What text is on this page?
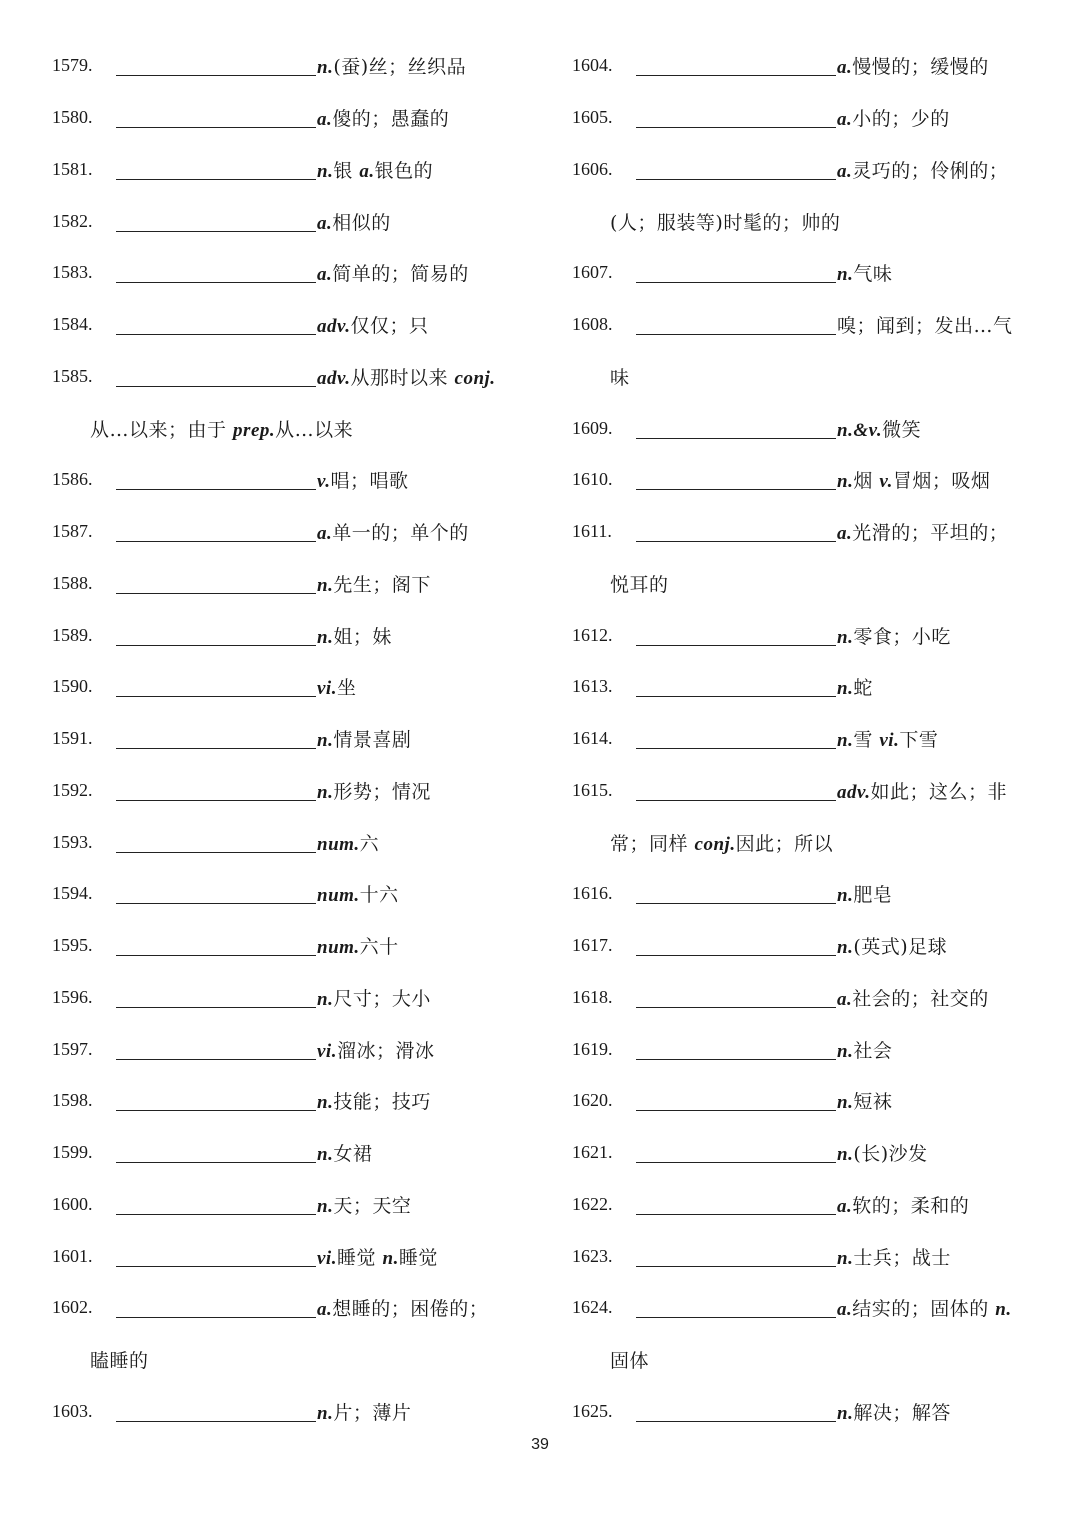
1579.	n.(蚕)丝；丝织品
1580.	a.傻的；愚蠢的
1581.	n.银 a.银色的
1582.	a.相似的
1583.	a.简单的；简易的
1584.	adv.仅仅；只
1585.	adv.从那时以来 conj.
从…以来；由于 prep.从…以来
1586.	v.唱；唱歌
1587.	a.单一的；单个的
1588.	n.先生；阁下
1589.	n.姐；妹
1590.	vi.坐
1591.	n.情景喜剧
1592.	n.形势；情况
1593.	num.六
1594.	num.十六
1595.	num.六十
1596.	n.尺寸；大小
1597.	vi.溜冰；滑冰
1598.	n.技能；技巧
1599.	n.女裙
1600.	n.天；天空
1601.	vi.睡觉 n.睡觉
1602.	a.想睡的；困倦的；
瞌睡的
1603.	n.片；薄片
1604.	a.慢慢的；缓慢的
1605.	a.小的；少的
1606.	a.灵巧的；伶俐的；
(人；服装等)时髦的；帅的
1607.	n.气味
1608.	嗅；闻到；发出…气
味
1609.	n.&v.微笑
1610.	n.烟 v.冒烟；吸烟
1611.	a.光滑的；平坦的；
悦耳的
1612.	n.零食；小吃
1613.	n.蛇
1614.	n.雪 vi.下雪
1615.	adv.如此；这么；非
常；同样 conj.因此；所以
1616.	n.肥皂
1617.	n.(英式)足球
1618.	a.社会的；社交的
1619.	n.社会
1620.	n.短袜
1621.	n.(长)沙发
1622.	a.软的；柔和的
1623.	n.士兵；战士
1624.	a.结实的；固体的 n.
固体
1625.	n.解决；解答
39
